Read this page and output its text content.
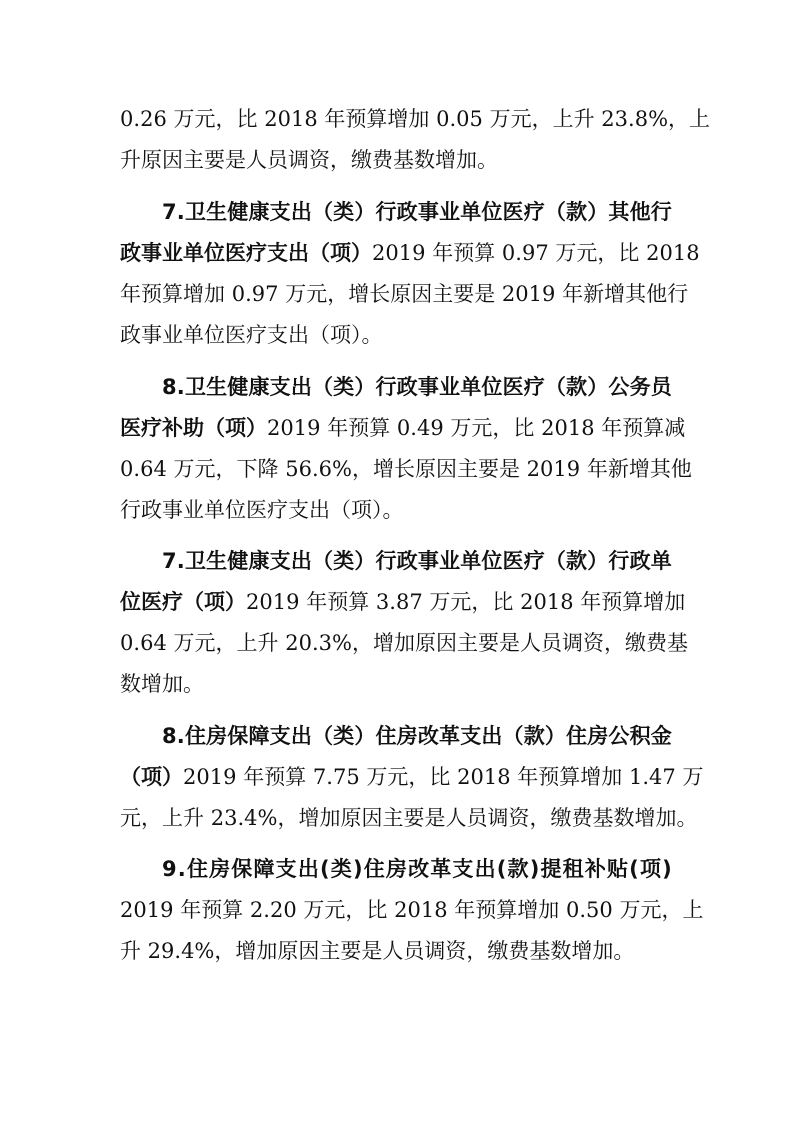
0 . 2 6
万 元 ， 比
2 0 1 8
年 预 算 增 加
0 . 0 5
万 元 ， 上 升
2 3 . 8 % ， 上
升原因主要是人员调资，缴费基数增加。
7 . 卫 生 健 康 支 出 （ 类 ） 行 政 事 业 单 位 医 疗 （ 款 ） 其 他 行
政 事 业 单 位 医 疗 支 出 （ 项 ） 2 0 1 9
年 预 算
0 . 9 7
万 元 ， 比
2 0 1 8
年 预 算 增 加
0 . 9 7
万 元 ， 增 长 原 因 主 要 是
2 0 1 9
年 新 增 其 他 行
政事业单位医疗支出（项）。
8 . 卫 生 健 康 支 出 （ 类 ） 行 政 事 业 单 位 医 疗 （ 款 ） 公 务 员
医 疗 补 助 （ 项 ） 2 0 1 9
年 预 算
0 . 4 9
万 元 ， 比
2 0 1 8
年 预 算 减
0 . 6 4
万 元 ， 下 降
5 6 . 6 % ， 增 长 原 因 主 要 是
2 0 1 9
年 新 增 其 他
行政事业单位医疗支出（项）。
7 . 卫 生 健 康 支 出 （ 类 ） 行 政 事 业 单 位 医 疗 （ 款 ） 行 政 单
位 医 疗 （ 项 ） 2 0 1 9
年 预 算
3 . 8 7
万 元 ， 比
2 0 1 8
年 预 算 增 加
0 . 6 4
万 元 ， 上 升
2 0 . 3 % ， 增 加 原 因 主 要 是 人 员 调 资 ， 缴 费 基
数增加。
8 . 住 房 保 障 支 出 （ 类 ） 住 房 改 革 支 出 （ 款 ） 住 房 公 积 金
（ 项 ） 2 0 1 9
年 预 算
7 . 7 5
万 元 ， 比
2 0 1 8
年 预 算 增 加
1 . 4 7
万
元 ， 上 升
2 3 . 4 % ， 增 加 原 因 主 要 是 人 员 调 资 ， 缴 费 基 数 增 加 。
9 . 住 房 保 障 支 出 ( 类 ) 住 房 改 革 支 出 ( 款 ) 提 租 补 贴 ( 项 )
2 0 1 9
年 预 算
2 . 2 0
万 元 ， 比
2 0 1 8
年 预 算 增 加
0 . 5 0
万 元 ， 上
升 29.4%，增加原因主要是人员调资，缴费基数增加。
